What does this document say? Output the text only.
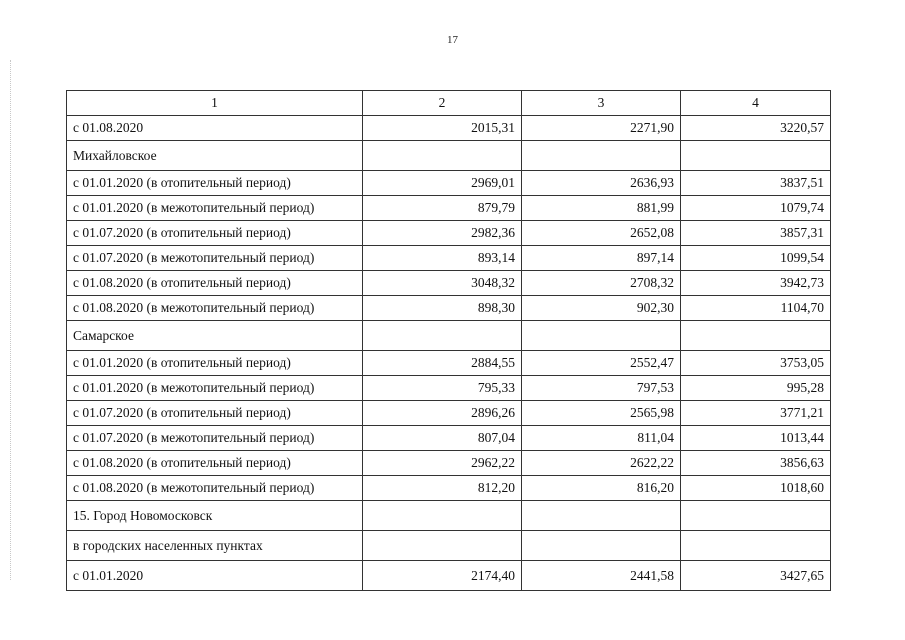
17
1	2	3	4
с 01.08.2020	2015,31	2271,90	3220,57
Михайловское			
с 01.01.2020 (в отопительный период)	2969,01	2636,93	3837,51
с 01.01.2020 (в межотопительный период)	879,79	881,99	1079,74
с 01.07.2020 (в отопительный период)	2982,36	2652,08	3857,31
с 01.07.2020 (в межотопительный период)	893,14	897,14	1099,54
с 01.08.2020 (в отопительный период)	3048,32	2708,32	3942,73
с 01.08.2020 (в межотопительный период)	898,30	902,30	1104,70
Самарское			
с 01.01.2020 (в отопительный период)	2884,55	2552,47	3753,05
с 01.01.2020 (в межотопительный период)	795,33	797,53	995,28
с 01.07.2020 (в отопительный период)	2896,26	2565,98	3771,21
с 01.07.2020 (в межотопительный период)	807,04	811,04	1013,44
с 01.08.2020 (в отопительный период)	2962,22	2622,22	3856,63
с 01.08.2020 (в межотопительный период)	812,20	816,20	1018,60
15. Город Новомосковск			
в городских населенных пунктах			
с 01.01.2020	2174,40	2441,58	3427,65
